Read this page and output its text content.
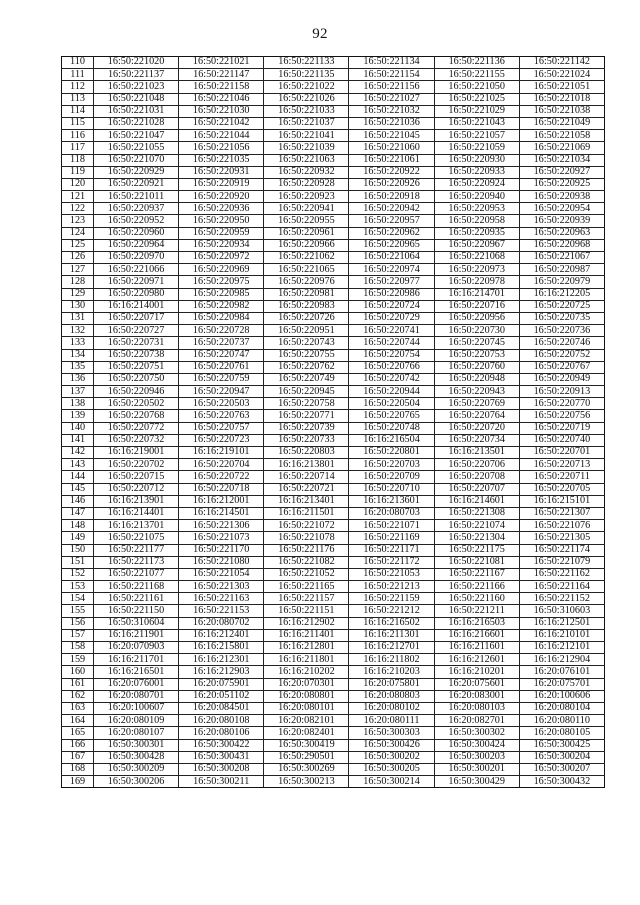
92
110	16:50:221020	16:50:221021	16:50:221133	16:50:221134	16:50:221136	16:50:221142
111	16:50:221137	16:50:221147	16:50:221135	16:50:221154	16:50:221155	16:50:221024
112	16:50:221023	16:50:221158	16:50:221022	16:50:221156	16:50:221050	16:50:221051
113	16:50:221048	16:50:221046	16:50:221026	16:50:221027	16:50:221025	16:50:221018
114	16:50:221031	16:50:221030	16:50:221033	16:50:221032	16:50:221029	16:50:221038
115	16:50:221028	16:50:221042	16:50:221037	16:50:221036	16:50:221043	16:50:221049
116	16:50:221047	16:50:221044	16:50:221041	16:50:221045	16:50:221057	16:50:221058
117	16:50:221055	16:50:221056	16:50:221039	16:50:221060	16:50:221059	16:50:221069
118	16:50:221070	16:50:221035	16:50:221063	16:50:221061	16:50:220930	16:50:221034
119	16:50:220929	16:50:220931	16:50:220932	16:50:220922	16:50:220933	16:50:220927
120	16:50:220921	16:50:220919	16:50:220928	16:50:220926	16:50:220924	16:50:220925
121	16:50:221011	16:50:220920	16:50:220923	16:50:220918	16:50:220940	16:50:220938
122	16:50:220937	16:50:220936	16:50:220941	16:50:220942	16:50:220953	16:50:220954
123	16:50:220952	16:50:220950	16:50:220955	16:50:220957	16:50:220958	16:50:220939
124	16:50:220960	16:50:220959	16:50:220961	16:50:220962	16:50:220935	16:50:220963
125	16:50:220964	16:50:220934	16:50:220966	16:50:220965	16:50:220967	16:50:220968
126	16:50:220970	16:50:220972	16:50:221062	16:50:221064	16:50:221068	16:50:221067
127	16:50:221066	16:50:220969	16:50:221065	16:50:220974	16:50:220973	16:50:220987
128	16:50:220971	16:50:220975	16:50:220976	16:50:220977	16:50:220978	16:50:220979
129	16:50:220980	16:50:220985	16:50:220981	16:50:220986	16:16:214701	16:16:212205
130	16:16:214001	16:50:220982	16:50:220983	16:50:220724	16:50:220716	16:50:220725
131	16:50:220717	16:50:220984	16:50:220726	16:50:220729	16:50:220956	16:50:220735
132	16:50:220727	16:50:220728	16:50:220951	16:50:220741	16:50:220730	16:50:220736
133	16:50:220731	16:50:220737	16:50:220743	16:50:220744	16:50:220745	16:50:220746
134	16:50:220738	16:50:220747	16:50:220755	16:50:220754	16:50:220753	16:50:220752
135	16:50:220751	16:50:220761	16:50:220762	16:50:220766	16:50:220760	16:50:220767
136	16:50:220750	16:50:220759	16:50:220749	16:50:220742	16:50:220948	16:50:220949
137	16:50:220946	16:50:220947	16:50:220945	16:50:220944	16:50:220943	16:50:220913
138	16:50:220502	16:50:220503	16:50:220758	16:50:220504	16:50:220769	16:50:220770
139	16:50:220768	16:50:220763	16:50:220771	16:50:220765	16:50:220764	16:50:220756
140	16:50:220772	16:50:220757	16:50:220739	16:50:220748	16:50:220720	16:50:220719
141	16:50:220732	16:50:220723	16:50:220733	16:16:216504	16:50:220734	16:50:220740
142	16:16:219001	16:16:219101	16:50:220803	16:50:220801	16:16:213501	16:50:220701
143	16:50:220702	16:50:220704	16:16:213801	16:50:220703	16:50:220706	16:50:220713
144	16:50:220715	16:50:220722	16:50:220714	16:50:220709	16:50:220708	16:50:220711
145	16:50:220712	16:50:220718	16:50:220721	16:50:220710	16:50:220707	16:50:220705
146	16:16:213901	16:16:212001	16:16:213401	16:16:213601	16:16:214601	16:16:215101
147	16:16:214401	16:16:214501	16:16:211501	16:20:080703	16:50:221308	16:50:221307
148	16:16:213701	16:50:221306	16:50:221072	16:50:221071	16:50:221074	16:50:221076
149	16:50:221075	16:50:221073	16:50:221078	16:50:221169	16:50:221304	16:50:221305
150	16:50:221177	16:50:221170	16:50:221176	16:50:221171	16:50:221175	16:50:221174
151	16:50:221173	16:50:221080	16:50:221082	16:50:221172	16:50:221081	16:50:221079
152	16:50:221077	16:50:221054	16:50:221052	16:50:221053	16:50:221167	16:50:221162
153	16:50:221168	16:50:221303	16:50:221165	16:50:221213	16:50:221166	16:50:221164
154	16:50:221161	16:50:221163	16:50:221157	16:50:221159	16:50:221160	16:50:221152
155	16:50:221150	16:50:221153	16:50:221151	16:50:221212	16:50:221211	16:50:310603
156	16:50:310604	16:20:080702	16:16:212902	16:16:216502	16:16:216503	16:16:212501
157	16:16:211901	16:16:212401	16:16:211401	16:16:211301	16:16:216601	16:16:210101
158	16:20:070903	16:16:215801	16:16:212801	16:16:212701	16:16:211601	16:16:212101
159	16:16:211701	16:16:212301	16:16:211801	16:16:211802	16:16:212601	16:16:212904
160	16:16:216501	16:16:212903	16:16:210202	16:16:210203	16:16:210201	16:20:076101
161	16:20:076001	16:20:075901	16:20:070301	16:20:075801	16:20:075601	16:20:075701
162	16:20:080701	16:20:051102	16:20:080801	16:20:080803	16:20:083001	16:20:100606
163	16:20:100607	16:20:084501	16:20:080101	16:20:080102	16:20:080103	16:20:080104
164	16:20:080109	16:20:080108	16:20:082101	16:20:080111	16:20:082701	16:20:080110
165	16:20:080107	16:20:080106	16:20:082401	16:50:300303	16:50:300302	16:20:080105
166	16:50:300301	16:50:300422	16:50:300419	16:50:300426	16:50:300424	16:50:300425
167	16:50:300428	16:50:300431	16:50:290501	16:50:300202	16:50:300203	16:50:300204
168	16:50:300209	16:50:300208	16:50:300269	16:50:300205	16:50:300201	16:50:300207
169	16:50:300206	16:50:300211	16:50:300213	16:50:300214	16:50:300429	16:50:300432
